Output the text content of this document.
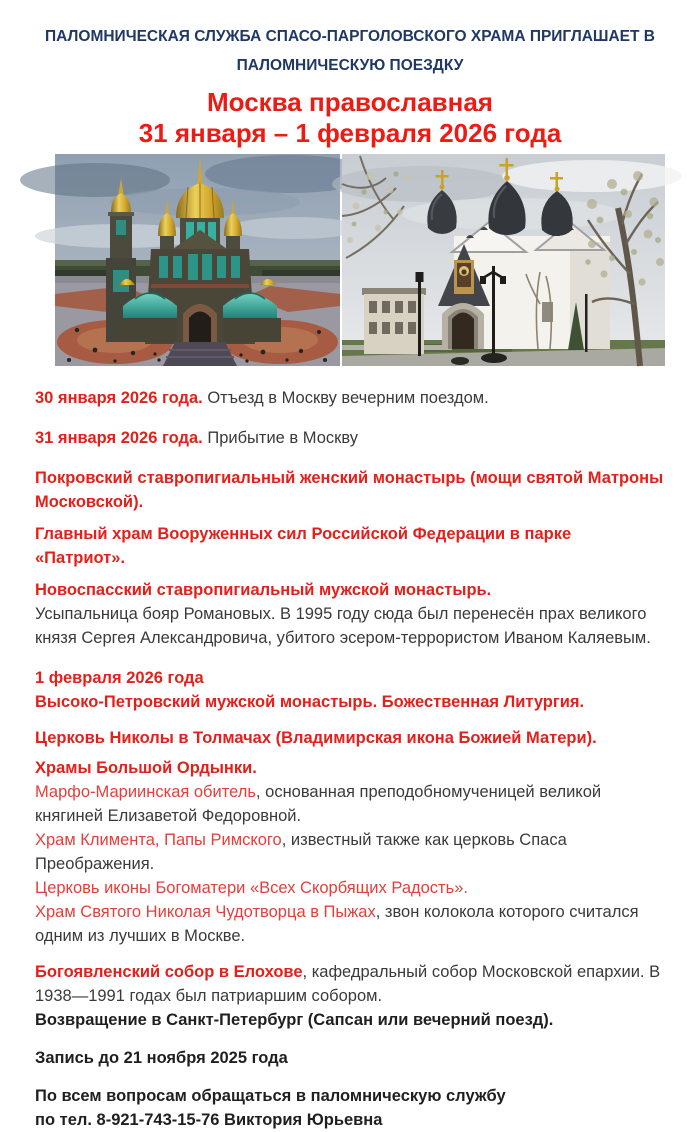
ПАЛОМНИЧЕСКАЯ СЛУЖБА СПАСО-ПАРГОЛОВСКОГО ХРАМА ПРИГЛАШАЕТ В ПАЛОМНИЧЕСКУЮ ПОЕЗДКУ
Москва православная
31 января – 1 февраля 2026 года

30 января 2026 года. Отъезд в Москву вечерним поездом.

31 января 2026 года. Прибытие в Москву

Покровский ставропигиальный женский монастырь (мощи святой Матроны Московской).

Главный храм Вооруженных сил Российской Федерации в парке «Патриот».

Новоспасский ставропигиальный мужской монастырь.
Усыпальница бояр Романовых. В 1995 году сюда был перенесён прах великого князя Сергея Александровича, убитого эсером-террористом Иваном Каляевым.

1 февраля 2026 года
Высоко-Петровский мужской монастырь. Божественная Литургия.

Церковь Николы в Толмачах (Владимирская икона Божией Матери).

Храмы Большой Ордынки.
Марфо-Мариинская обитель, основанная преподобномученицей великой княгиней Елизаветой Федоровной.
Храм Климента, Папы Римского, известный также как церковь Спаса Преображения.
Церковь иконы Богоматери «Всех Скорбящих Радость».
Храм Святого Николая Чудотворца в Пыжах, звон колокола которого считался одним из лучших в Москве.

Богоявленский собор в Елохове, кафедральный собор Московской епархии. В 1938—1991 годах был патриаршим собором.
Возвращение в Санкт-Петербург (Сапсан или вечерний поезд).

Запись до 21 ноября 2025 года

По всем вопросам обращаться в паломническую службу
по тел. 8-921-743-15-76 Виктория Юрьевна
